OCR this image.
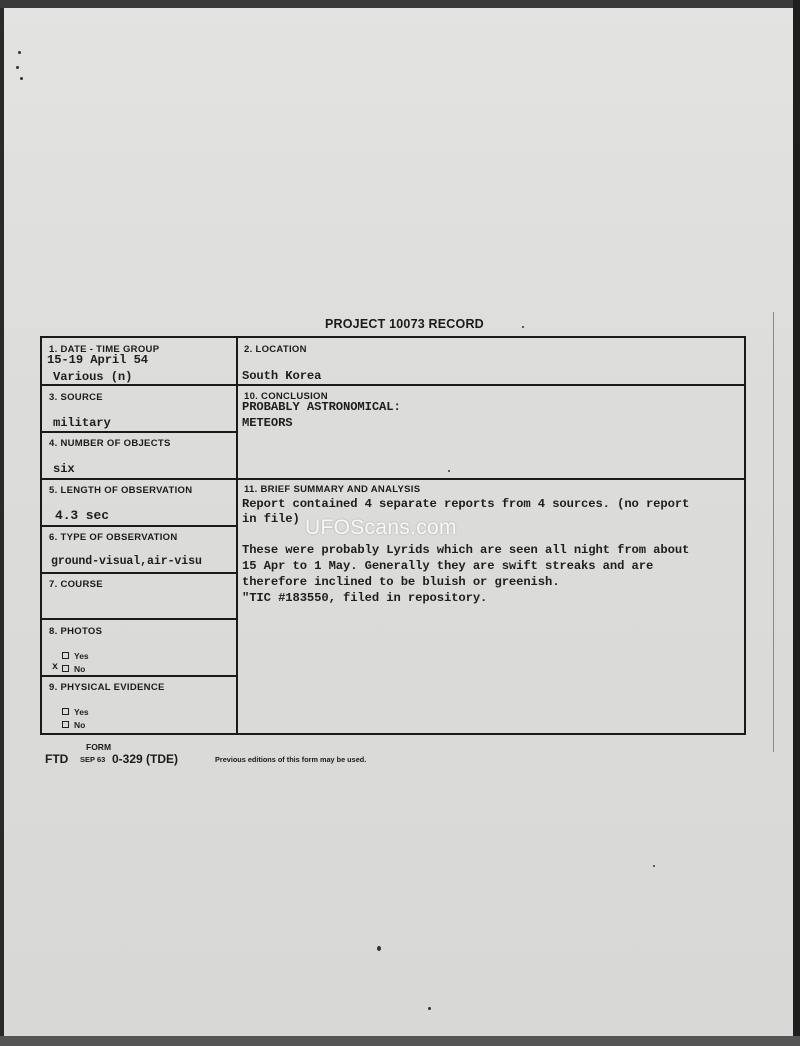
PROJECT 10073 RECORD
1. DATE - TIME GROUP
15-19 April 54
Various (n)
2. LOCATION
South Korea
3. SOURCE
military
10. CONCLUSION
PROBABLY ASTRONOMICAL:
METEORS
4. NUMBER OF OBJECTS
six
5. LENGTH OF OBSERVATION
4.3 sec
11. BRIEF SUMMARY AND ANALYSIS
Report contained 4 separate reports from 4 sources. (no report
in file)
These were probably Lyrids which are seen all night from about
15 Apr to 1 May. Generally they are swift streaks and are
therefore inclined to be bluish or greenish.
"TIC #183550, filed in repository.
6. TYPE OF OBSERVATION
ground-visual,air-visu
7. COURSE
8. PHOTOS
Yes
No
x
9. PHYSICAL EVIDENCE
Yes
No
FORM
FTD SEP 63 0-329 (TDE)	Previous editions of this form may be used.
UFOScans.com
